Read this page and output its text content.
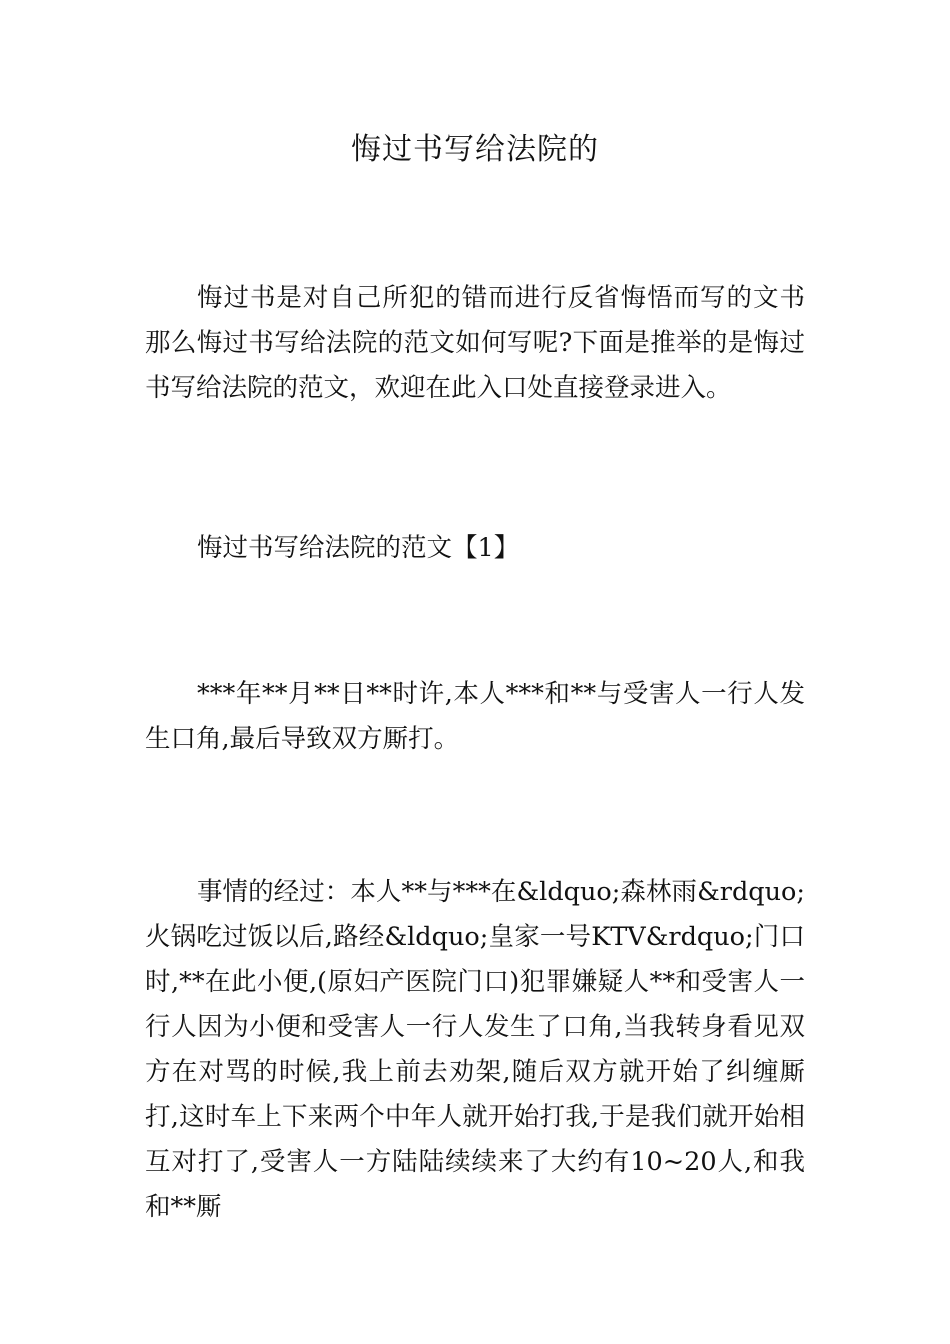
悔过书写给法院的

悔过书是对自己所犯的错而进行反省悔悟而写的文书那么悔过书写给法院的范文如何写呢?下面是推举的是悔过书写给法院的范文，欢迎在此入口处直接登录进入。

悔过书写给法院的范文【1】

***年**月**日**时许,本人***和**与受害人一行人发生口角,最后导致双方厮打。

事情的经过：本人**与***在&ldquo;森林雨&rdquo;火锅吃过饭以后,路经&ldquo;皇家一号KTV&rdquo;门口时,**在此小便,(原妇产医院门口)犯罪嫌疑人**和受害人一行人因为小便和受害人一行人发生了口角,当我转身看见双方在对骂的时候,我上前去劝架,随后双方就开始了纠缠厮打,这时车上下来两个中年人就开始打我,于是我们就开始相互对打了,受害人一方陆陆续续来了大约有10~20人,和我和**厮
